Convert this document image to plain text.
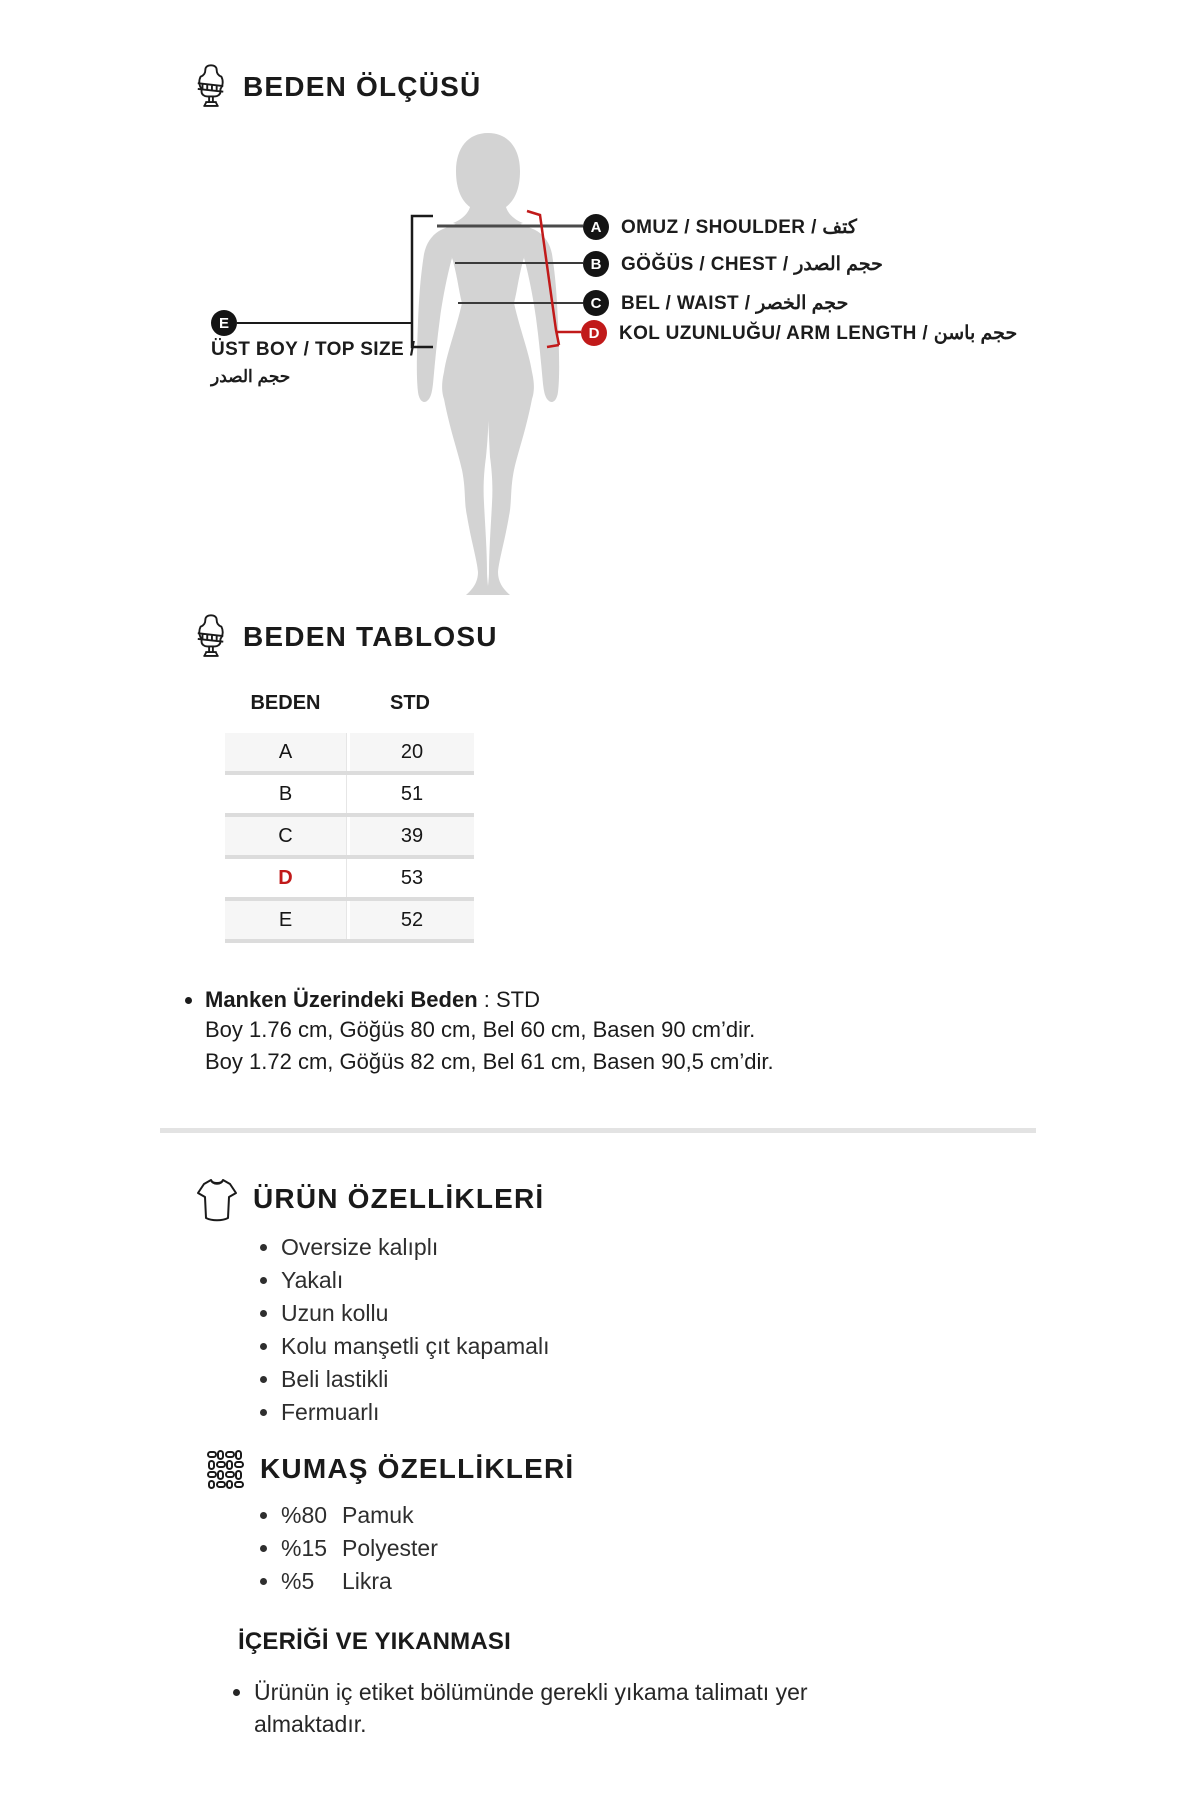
BEDEN ÖLÇÜSÜ
A	OMUZ / SHOULDER / كتف
B	GÖĞÜS / CHEST / حجم الصدر
C	BEL / WAIST / حجم الخصر
D	KOL UZUNLUĞU/ ARM LENGTH / حجم باسن
E
ÜST BOY / TOP SIZE /
حجم الصدر
BEDEN TABLOSU
BEDEN	STD
A	20
B	51
C	39
D	53
E	52
• Manken Üzerindeki Beden : STD
Boy 1.76 cm, Göğüs 80 cm, Bel 60 cm, Basen 90 cm’dir.
Boy 1.72 cm, Göğüs 82 cm, Bel 61 cm, Basen 90,5 cm’dir.
ÜRÜN ÖZELLİKLERİ
• Oversize kalıplı
• Yakalı
• Uzun kollu
• Kolu manşetli çıt kapamalı
• Beli lastikli
• Fermuarlı
KUMAŞ ÖZELLİKLERİ
• %80 Pamuk
• %15 Polyester
• %5 Likra
İÇERİĞİ VE YIKANMASI
• Ürünün iç etiket bölümünde gerekli yıkama talimatı yer almaktadır.
